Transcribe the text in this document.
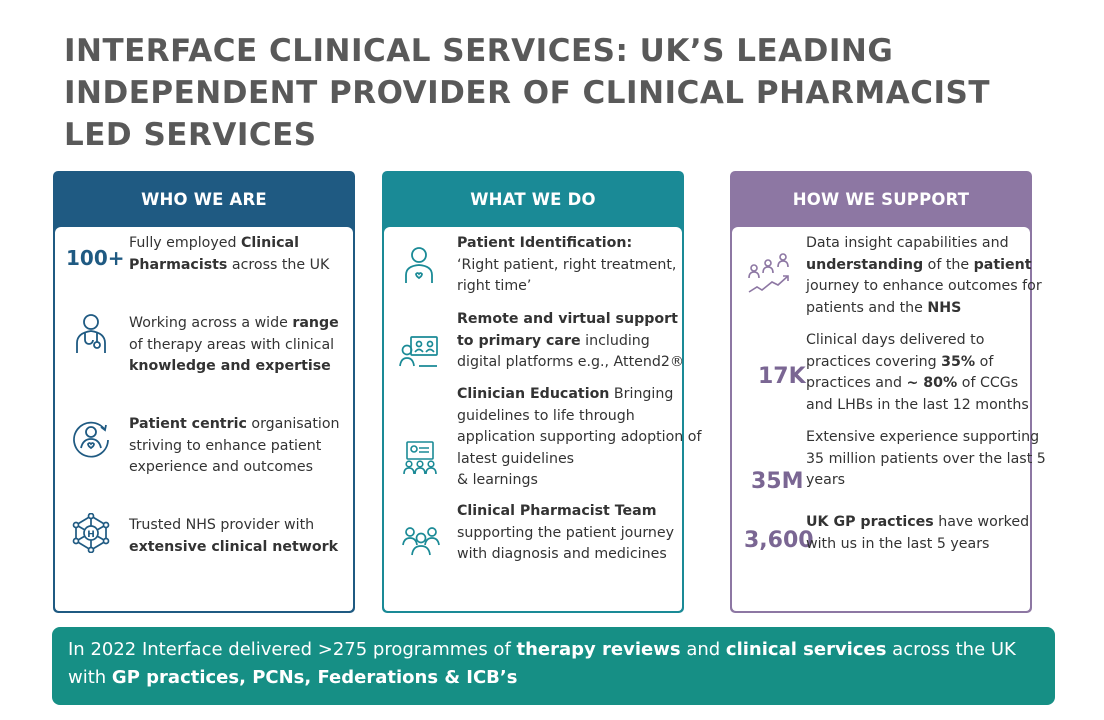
INTERFACE CLINICAL SERVICES: UK’S LEADING INDEPENDENT PROVIDER OF CLINICAL PHARMACIST LED SERVICES
WHO WE ARE
100+
Fully employed Clinical Pharmacists across the UK
Working across a wide range of therapy areas with clinical knowledge and expertise
Patient centric organisation striving to enhance patient experience and outcomes
H
Trusted NHS provider with extensive clinical network
WHAT WE DO
Patient Identification:
‘Right patient, right treatment, right time’
Remote and virtual support to primary care including digital platforms e.g., Attend2®
Clinician Education Bringing guidelines to life through application supporting adoption of latest guidelines
& learnings
Clinical Pharmacist Team supporting the patient journey with diagnosis and medicines
HOW WE SUPPORT
Data insight capabilities and understanding of the patient journey to enhance outcomes for patients and the NHS
17K
Clinical days delivered to practices covering 35% of practices and ~ 80% of CCGs and LHBs in the last 12 months
35M
Extensive experience supporting 35 million patients over the last 5 years
3,600
UK GP practices have worked with us in the last 5 years
In 2022 Interface delivered >275 programmes of therapy reviews and clinical services across the UK with GP practices, PCNs, Federations & ICB’s
